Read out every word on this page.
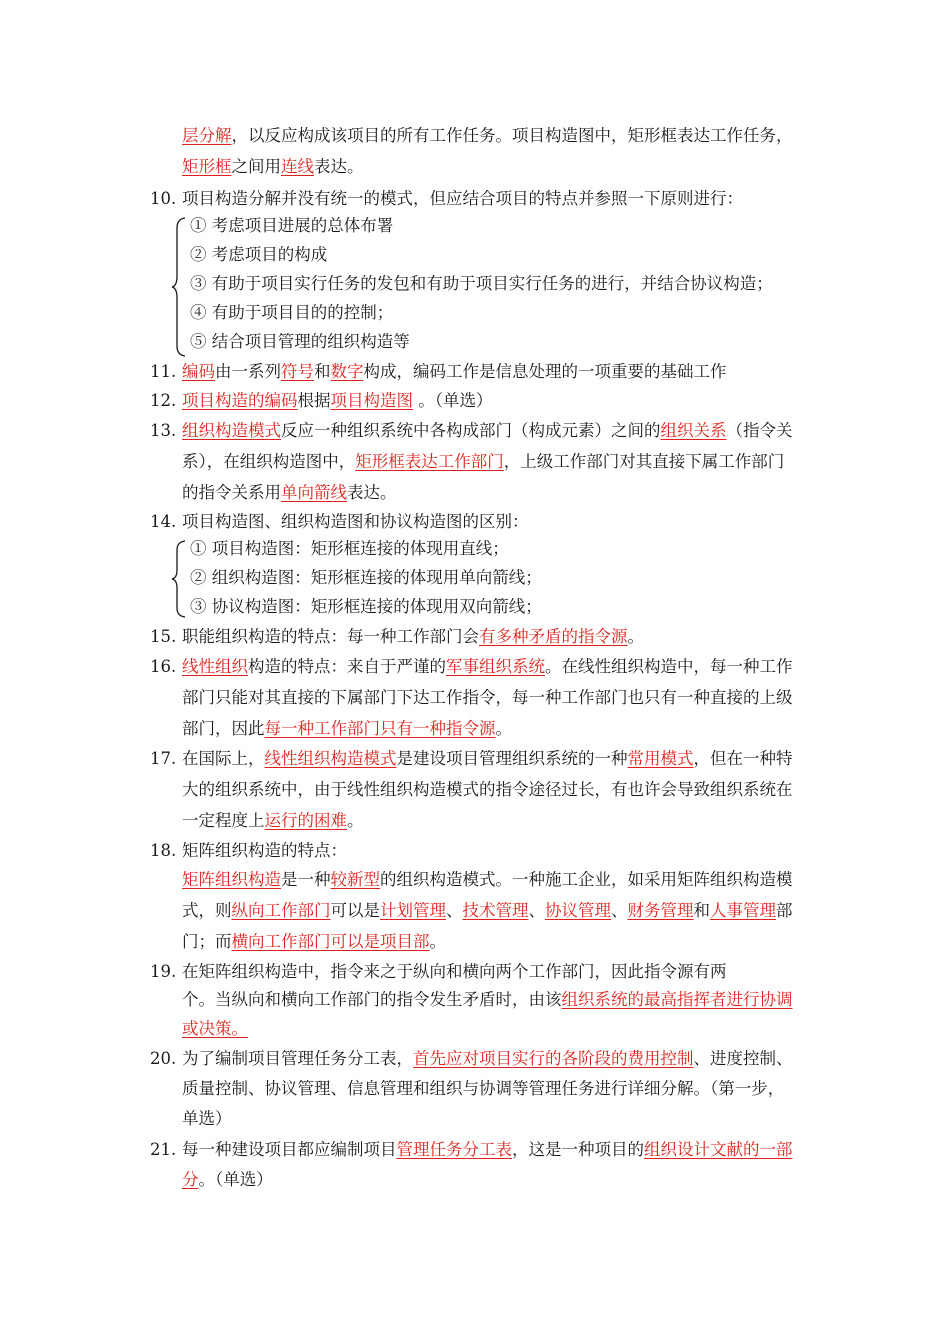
层分解，以反应构成该项目的所有工作任务。项目构造图中，矩形框表达工作任务，
矩形框之间用连线表达。
10. 项目构造分解并没有统一的模式，但应结合项目的特点并参照一下原则进行：
① 考虑项目进展的总体布署
② 考虑项目的构成
③ 有助于项目实行任务的发包和有助于项目实行任务的进行，并结合协议构造；
④ 有助于项目目的的控制；
⑤ 结合项目管理的组织构造等
11. 编码由一系列符号和数字构成，编码工作是信息处理的一项重要的基础工作
12. 项目构造的编码根据项目构造图 。（单选）
13. 组织构造模式反应一种组织系统中各构成部门（构成元素）之间的组织关系（指令关
系），在组织构造图中，矩形框表达工作部门，上级工作部门对其直接下属工作部门
的指令关系用单向箭线表达。
14. 项目构造图、组织构造图和协议构造图的区别：
① 项目构造图：矩形框连接的体现用直线；
② 组织构造图：矩形框连接的体现用单向箭线；
③ 协议构造图：矩形框连接的体现用双向箭线；
15. 职能组织构造的特点：每一种工作部门会有多种矛盾的指令源。
16. 线性组织构造的特点：来自于严谨的军事组织系统。在线性组织构造中，每一种工作
部门只能对其直接的下属部门下达工作指令，每一种工作部门也只有一种直接的上级
部门，因此每一种工作部门只有一种指令源。
17. 在国际上，线性组织构造模式是建设项目管理组织系统的一种常用模式，但在一种特
大的组织系统中，由于线性组织构造模式的指令途径过长，有也许会导致组织系统在
一定程度上运行的困难。
18. 矩阵组织构造的特点：
矩阵组织构造是一种较新型的组织构造模式。一种施工企业，如采用矩阵组织构造模
式，则纵向工作部门可以是计划管理、技术管理、协议管理、财务管理和人事管理部
门；而横向工作部门可以是项目部。
19. 在矩阵组织构造中，指令来之于纵向和横向两个工作部门，因此指令源有两
个。当纵向和横向工作部门的指令发生矛盾时，由该组织系统的最高指挥者进行协调
或决策。
20. 为了编制项目管理任务分工表，首先应对项目实行的各阶段的费用控制、进度控制、
质量控制、协议管理、信息管理和组织与协调等管理任务进行详细分解。（第一步，
单选）
21. 每一种建设项目都应编制项目管理任务分工表，这是一种项目的组织设计文献的一部
分。（单选）
